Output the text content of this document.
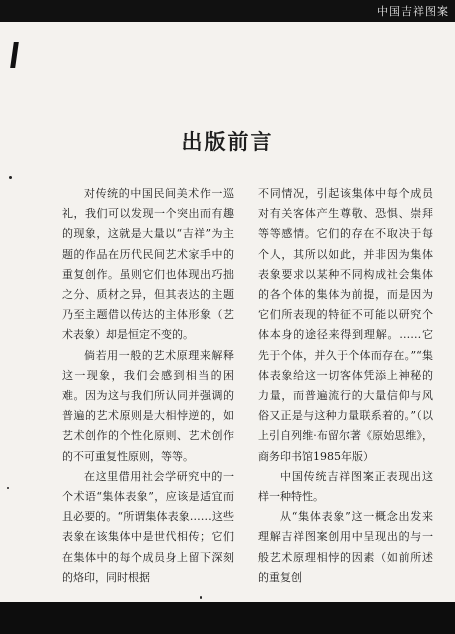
中国吉祥图案
出版前言

对传统的中国民间美术作一巡礼，我们可以发现一个突出而有趣的现象，这就是大量以“吉祥”为主题的作品在历代民间艺术家手中的重复创作。虽则它们也体现出巧拙之分、质材之异，但其表达的主题乃至主题借以传达的主体形象（艺术表象）却是恒定不变的。

倘若用一般的艺术原理来解释这一现象，我们会感到相当的困难。因为这与我们所认同并强调的普遍的艺术原则是大相悖逆的，如艺术创作的个性化原则、艺术创作的不可重复性原则，等等。

在这里借用社会学研究中的一个术语“集体表象”，应该是适宜而且必要的。“所谓集体表象……这些表象在该集体中是世代相传；它们在集体中的每个成员身上留下深刻的烙印，同时根据

不同情况，引起该集体中每个成员对有关客体产生尊敬、恐惧、崇拜等等感情。它们的存在不取决于每个人，其所以如此，并非因为集体表象要求以某种不同构成社会集体的各个体的集体为前提，而是因为它们所表现的特征不可能以研究个体本身的途径来得到理解。……它先于个体，并久于个体而存在。”“集体表象给这一切客体凭添上神秘的力量，而普遍流行的大量信仰与风俗又正是与这种力量联系着的。”（以上引自列维·布留尔著《原始思维》，商务印书馆1985年版）

中国传统吉祥图案正表现出这样一种特性。

从“集体表象”这一概念出发来理解吉祥图案创用中呈现出的与一般艺术原理相悖的因素（如前所述的重复创
